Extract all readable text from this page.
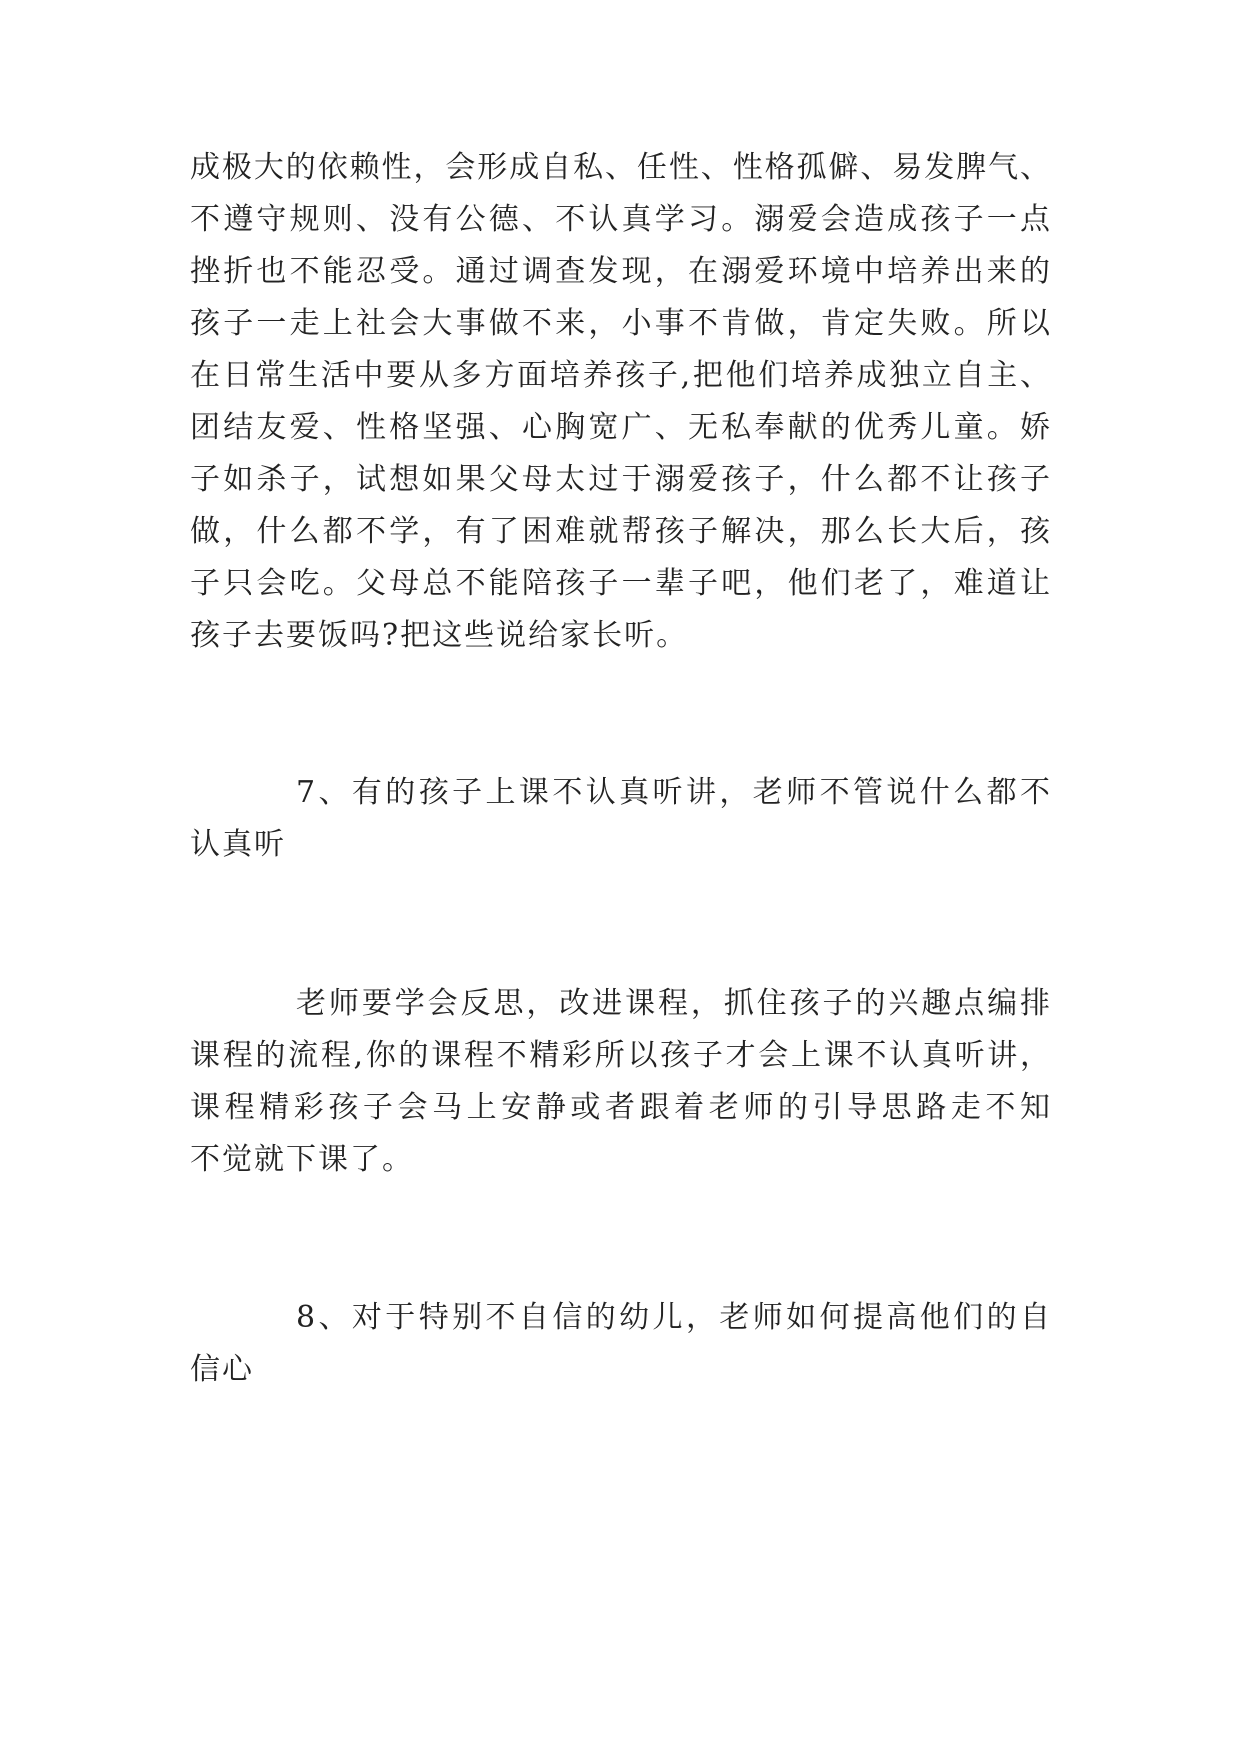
成极大的依赖性，会形成自私、任性、性格孤僻、易发脾气、
不遵守规则、没有公德、不认真学习。溺爱会造成孩子一点
挫折也不能忍受。通过调查发现，在溺爱环境中培养出来的
孩子一走上社会大事做不来，小事不肯做，肯定失败。所以
在日常生活中要从多方面培养孩子,把他们培养成独立自主、
团结友爱、性格坚强、心胸宽广、无私奉献的优秀儿童。娇
子如杀子，试想如果父母太过于溺爱孩子，什么都不让孩子
做，什么都不学，有了困难就帮孩子解决，那么长大后，孩
子只会吃。父母总不能陪孩子一辈子吧，他们老了，难道让
孩子去要饭吗?把这些说给家长听。
7、有的孩子上课不认真听讲，老师不管说什么都不
认真听
老师要学会反思，改进课程，抓住孩子的兴趣点编排
课程的流程,你的课程不精彩所以孩子才会上课不认真听讲，
课程精彩孩子会马上安静或者跟着老师的引导思路走不知
不觉就下课了。
8、对于特别不自信的幼儿，老师如何提高他们的自
信心
